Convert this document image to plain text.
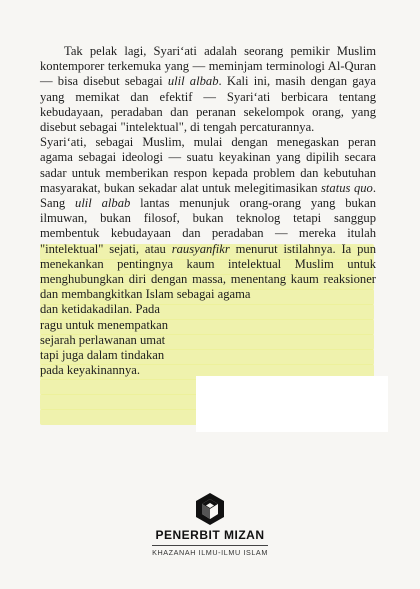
Tak pelak lagi, Syari‘ati adalah seorang pemikir Muslim kontemporer terkemuka yang — meminjam terminologi Al-Quran — bisa disebut sebagai ulil albab. Kali ini, masih dengan gaya yang memikat dan efektif — Syari‘ati berbicara tentang kebudayaan, peradaban dan peranan sekelompok orang, yang disebut sebagai "intelektual", di tengah percaturannya.

Syari‘ati, sebagai Muslim, mulai dengan menegaskan peran agama sebagai ideologi — suatu keyakinan yang dipilih secara sadar untuk memberikan respon kepada problem dan kebutuhan masyarakat, bukan sekadar alat untuk melegitimasikan status quo. Sang ulil albab lantas menunjuk orang-orang yang bukan ilmuwan, bukan filosof, bukan teknolog tetapi sanggup membentuk kebudayaan dan peradaban — mereka itulah "intelektual" sejati, atau rausyanfikr menurut istilahnya. Ia pun menekankan pentingnya kaum intelektual Muslim untuk menghubungkan diri dengan massa, menentang kaum reaksioner dan membangkitkan Islam sebagai agama
dan ketidakadilan. Pada
ragu untuk menempatkan
sejarah perlawanan umat
tapi juga dalam tindakan
pada keyakinannya.

PENERBIT MIZAN
KHAZANAH ILMU-ILMU ISLAM
